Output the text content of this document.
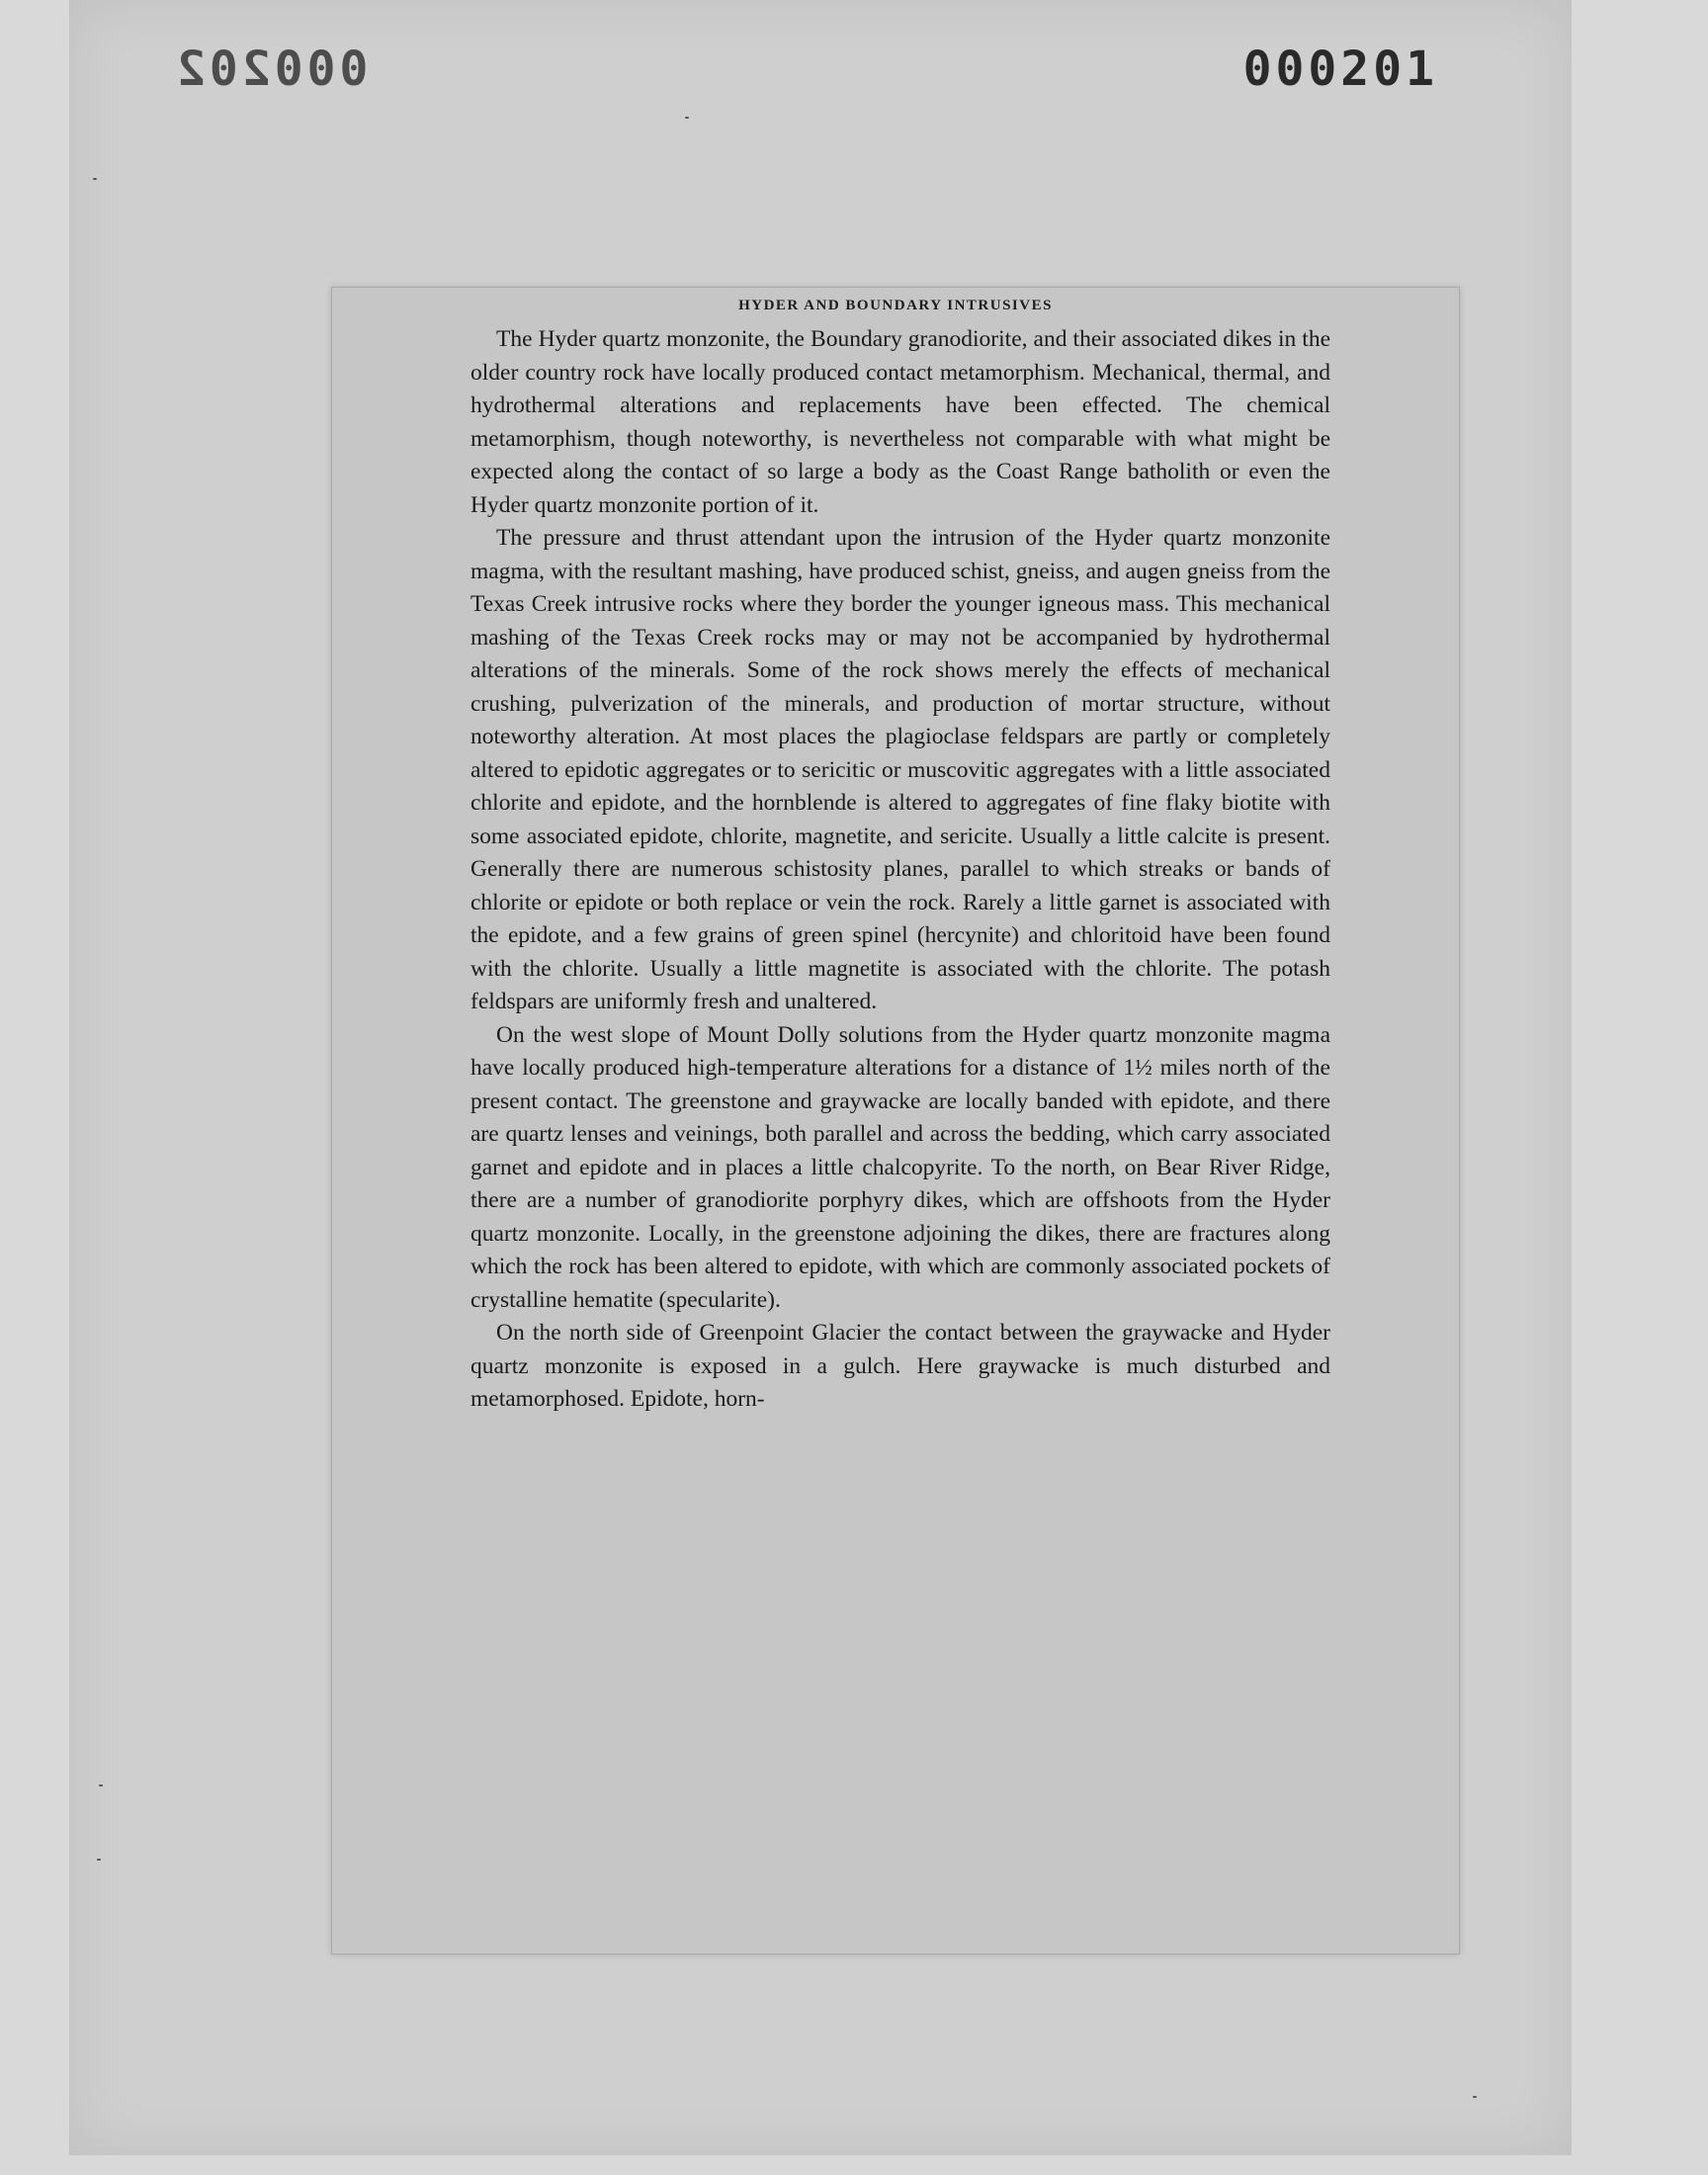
000202	000201
HYDER AND BOUNDARY INTRUSIVES

The Hyder quartz monzonite, the Boundary granodiorite, and their associated dikes in the older country rock have locally produced contact metamorphism. Mechanical, thermal, and hydrothermal alterations and replacements have been effected. The chemical metamorphism, though noteworthy, is nevertheless not comparable with what might be expected along the contact of so large a body as the Coast Range batholith or even the Hyder quartz monzonite portion of it.

The pressure and thrust attendant upon the intrusion of the Hyder quartz monzonite magma, with the resultant mashing, have produced schist, gneiss, and augen gneiss from the Texas Creek intrusive rocks where they border the younger igneous mass. This mechanical mashing of the Texas Creek rocks may or may not be accompanied by hydrothermal alterations of the minerals. Some of the rock shows merely the effects of mechanical crushing, pulverization of the minerals, and production of mortar structure, without noteworthy alteration. At most places the plagioclase feldspars are partly or completely altered to epidotic aggregates or to sericitic or muscovitic aggregates with a little associated chlorite and epidote, and the hornblende is altered to aggregates of fine flaky biotite with some associated epidote, chlorite, magnetite, and sericite. Usually a little calcite is present. Generally there are numerous schistosity planes, parallel to which streaks or bands of chlorite or epidote or both replace or vein the rock. Rarely a little garnet is associated with the epidote, and a few grains of green spinel (hercynite) and chloritoid have been found with the chlorite. Usually a little magnetite is associated with the chlorite. The potash feldspars are uniformly fresh and unaltered.

On the west slope of Mount Dolly solutions from the Hyder quartz monzonite magma have locally produced high-temperature alterations for a distance of 1½ miles north of the present contact. The greenstone and graywacke are locally banded with epidote, and there are quartz lenses and veinings, both parallel and across the bedding, which carry associated garnet and epidote and in places a little chalcopyrite. To the north, on Bear River Ridge, there are a number of granodiorite porphyry dikes, which are offshoots from the Hyder quartz monzonite. Locally, in the greenstone adjoining the dikes, there are fractures along which the rock has been altered to epidote, with which are commonly associated pockets of crystalline hematite (specularite).

On the north side of Greenpoint Glacier the contact between the graywacke and Hyder quartz monzonite is exposed in a gulch. Here graywacke is much disturbed and metamorphosed. Epidote, horn-
